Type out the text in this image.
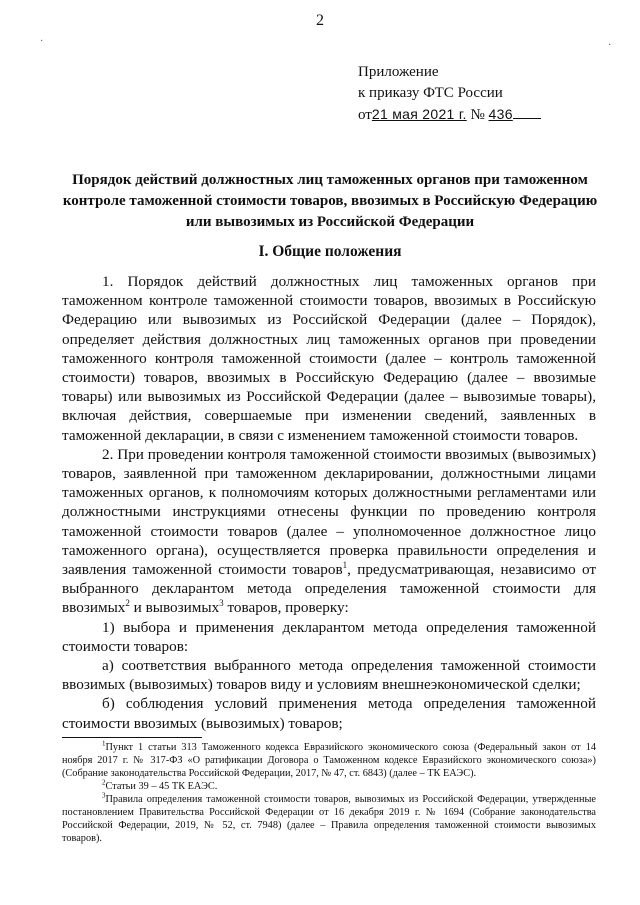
2
Приложение
к приказу ФТС России
от21 мая 2021 г. № 436
Порядок действий должностных лиц таможенных органов при таможенном контроле таможенной стоимости товаров, ввозимых в Российскую Федерацию или вывозимых из Российской Федерации
I. Общие положения

1. Порядок действий должностных лиц таможенных органов при таможенном контроле таможенной стоимости товаров, ввозимых в Российскую Федерацию или вывозимых из Российской Федерации (далее – Порядок), определяет действия должностных лиц таможенных органов при проведении таможенного контроля таможенной стоимости (далее – контроль таможенной стоимости) товаров, ввозимых в Российскую Федерацию (далее – ввозимые товары) или вывозимых из Российской Федерации (далее – вывозимые товары), включая действия, совершаемые при изменении сведений, заявленных в таможенной декларации, в связи с изменением таможенной стоимости товаров.

2. При проведении контроля таможенной стоимости ввозимых (вывозимых) товаров, заявленной при таможенном декларировании, должностными лицами таможенных органов, к полномочиям которых должностными регламентами или должностными инструкциями отнесены функции по проведению контроля таможенной стоимости товаров (далее – уполномоченное должностное лицо таможенного органа), осуществляется проверка правильности определения и заявления таможенной стоимости товаров$^1$, предусматривающая, независимо от выбранного декларантом метода определения таможенной стоимости для ввозимых$^2$ и вывозимых$^3$ товаров, проверку:

1) выбора и применения декларантом метода определения таможенной стоимости товаров:

а) соответствия выбранного метода определения таможенной стоимости ввозимых (вывозимых) товаров виду и условиям внешнеэкономической сделки;

б) соблюдения условий применения метода определения таможенной стоимости ввозимых (вывозимых) товаров;

$^1$Пункт 1 статьи 313 Таможенного кодекса Евразийского экономического союза (Федеральный закон от 14 ноября 2017 г. № 317-ФЗ «О ратификации Договора о Таможенном кодексе Евразийского экономического союза») (Собрание законодательства Российской Федерации, 2017, № 47, ст. 6843) (далее – ТК ЕАЭС).

$^2$Статьи 39 – 45 ТК ЕАЭС.

$^3$Правила определения таможенной стоимости товаров, вывозимых из Российской Федерации, утвержденные постановлением Правительства Российской Федерации от 16 декабря 2019 г. № 1694 (Собрание законодательства Российской Федерации, 2019, № 52, ст. 7948) (далее – Правила определения таможенной стоимости вывозимых товаров).

·	·
